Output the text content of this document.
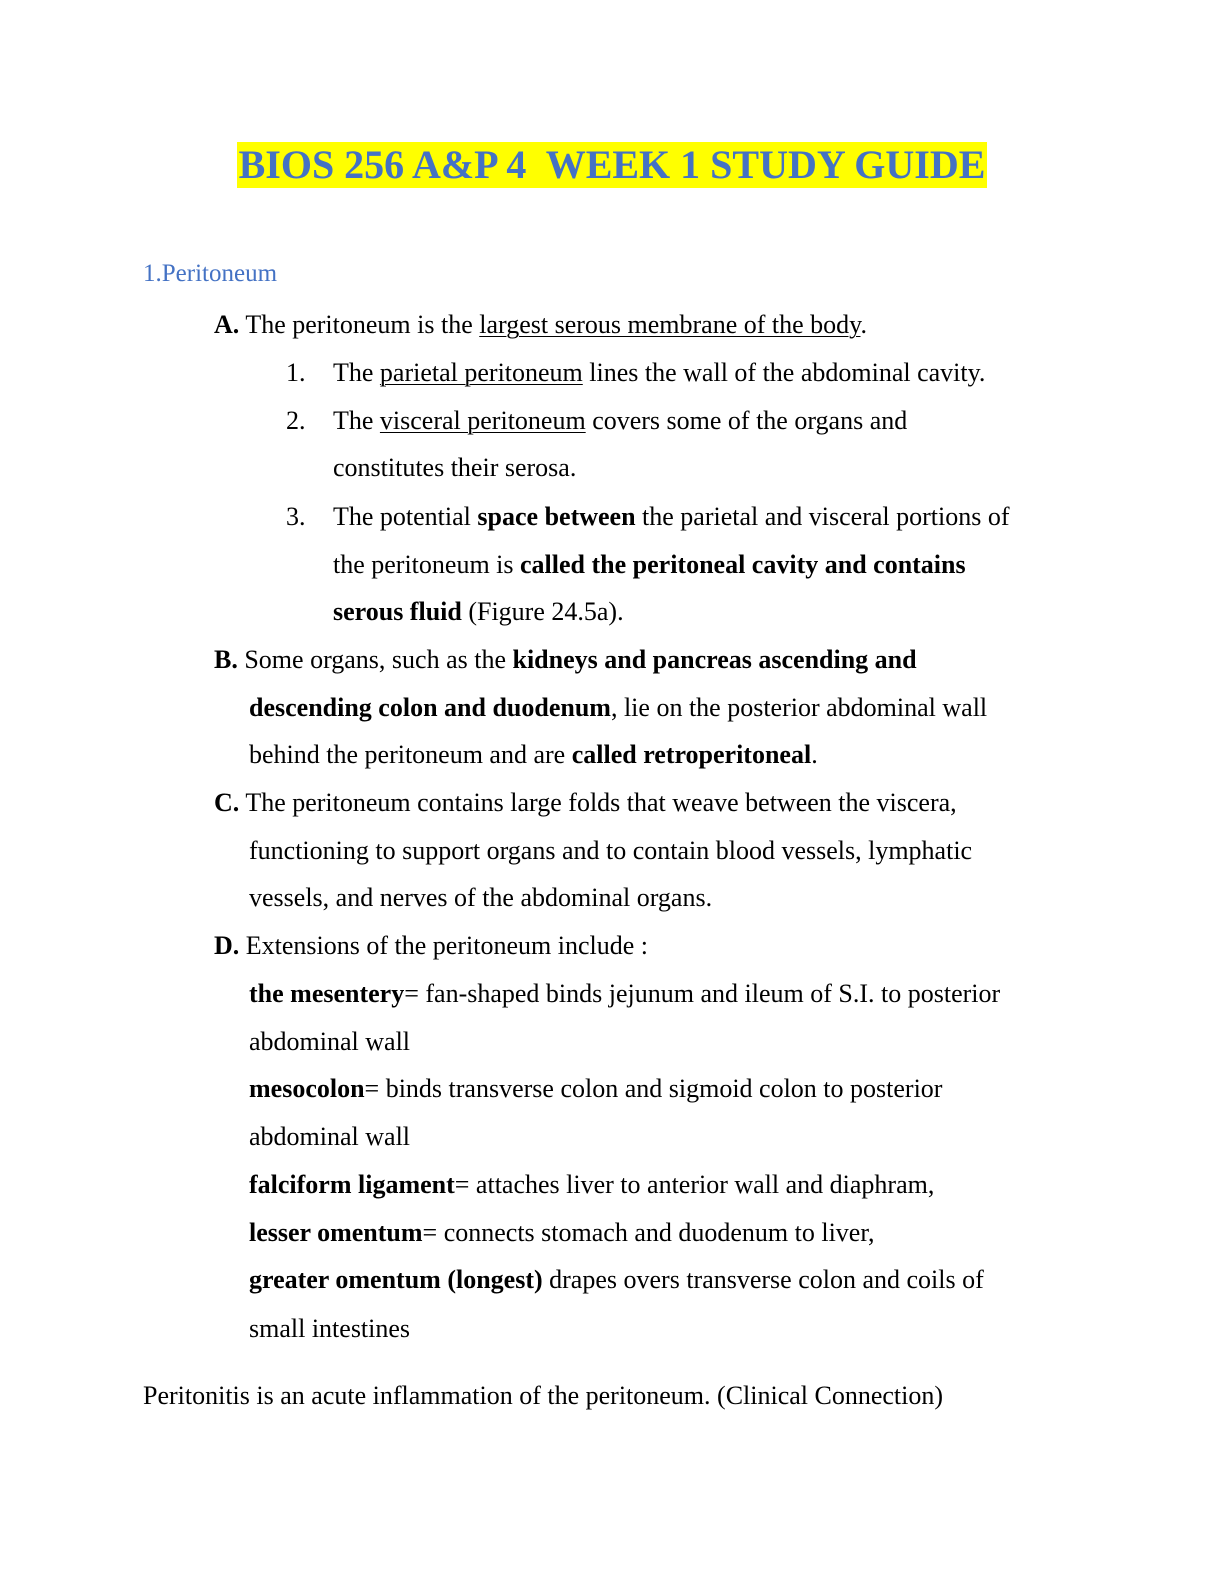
BIOS 256 A&P 4  WEEK 1 STUDY GUIDE
1.Peritoneum
A. The peritoneum is the largest serous membrane of the body.
1. The parietal peritoneum lines the wall of the abdominal cavity.
2. The visceral peritoneum covers some of the organs and
constitutes their serosa.
3. The potential space between the parietal and visceral portions of
the peritoneum is called the peritoneal cavity and contains
serous fluid (Figure 24.5a).
B. Some organs, such as the kidneys and pancreas ascending and
descending colon and duodenum, lie on the posterior abdominal wall
behind the peritoneum and are called retroperitoneal.
C. The peritoneum contains large folds that weave between the viscera,
functioning to support organs and to contain blood vessels, lymphatic
vessels, and nerves of the abdominal organs.
D. Extensions of the peritoneum include :
the mesentery= fan-shaped binds jejunum and ileum of S.I. to posterior
abdominal wall
mesocolon= binds transverse colon and sigmoid colon to posterior
abdominal wall
falciform ligament= attaches liver to anterior wall and diaphram,
lesser omentum= connects stomach and duodenum to liver,
greater omentum (longest) drapes overs transverse colon and coils of
small intestines
Peritonitis is an acute inflammation of the peritoneum. (Clinical Connection)
